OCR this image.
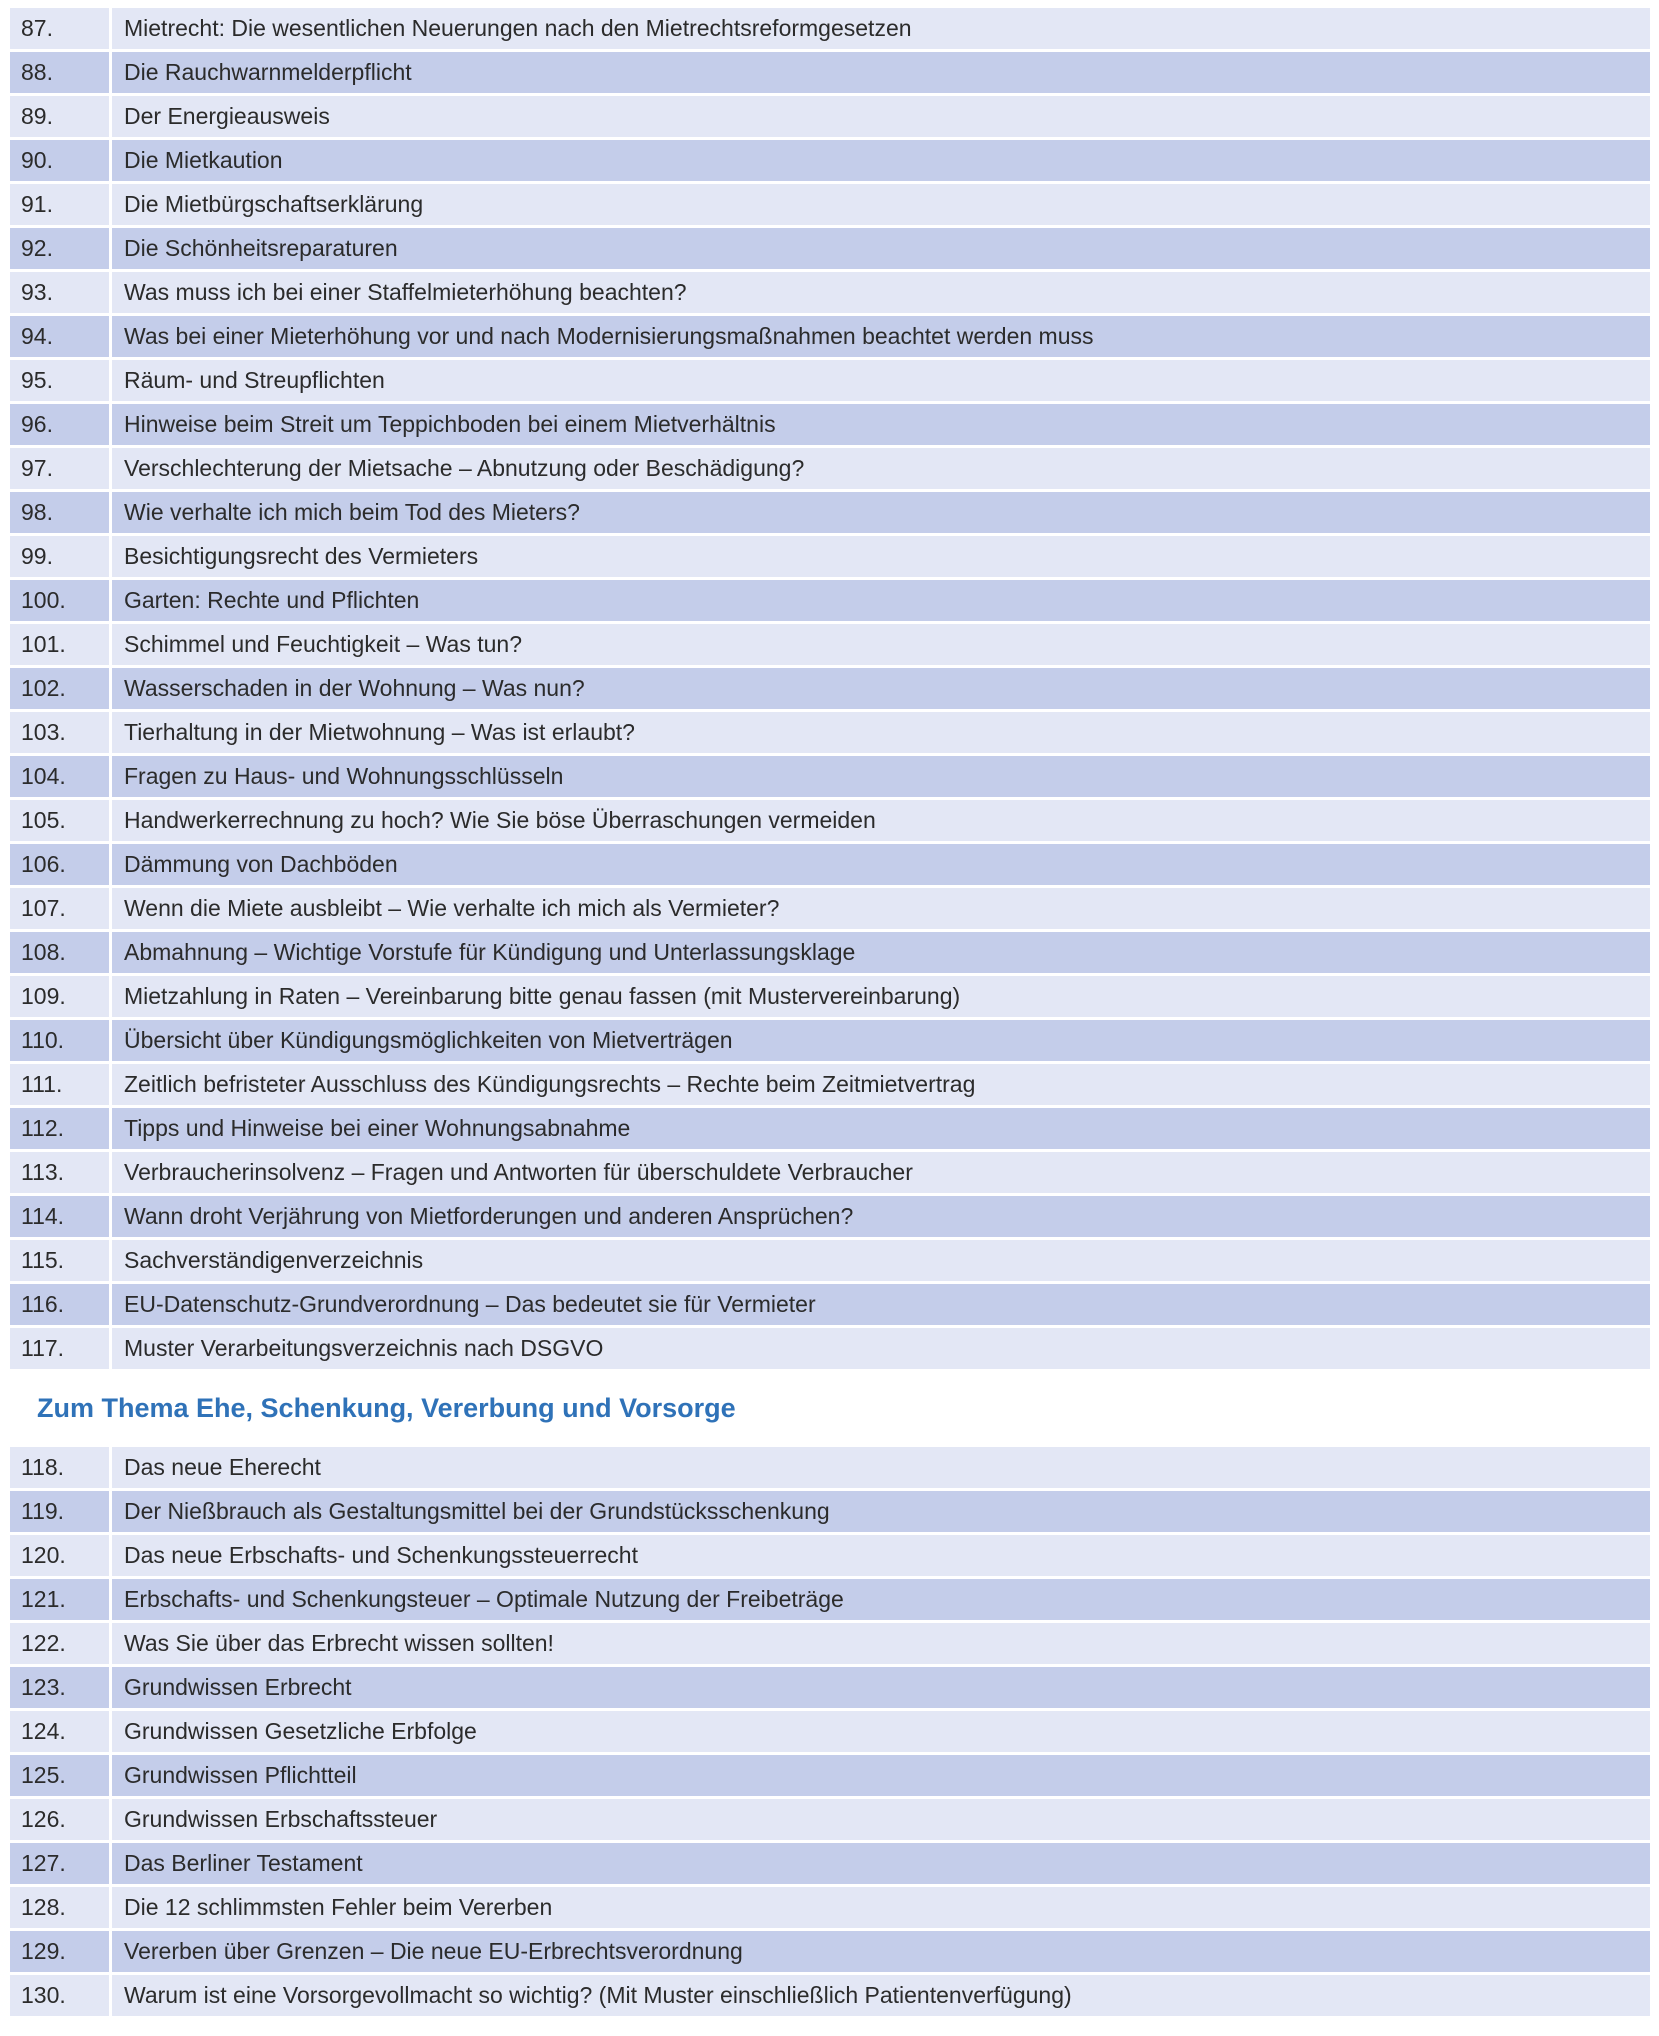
87.	Mietrecht: Die wesentlichen Neuerungen nach den Mietrechtsreformgesetzen
88.	Die Rauchwarnmelderpflicht
89.	Der Energieausweis
90.	Die Mietkaution
91.	Die Mietbürgschaftserklärung
92.	Die Schönheitsreparaturen
93.	Was muss ich bei einer Staffelmieterhöhung beachten?
94.	Was bei einer Mieterhöhung vor und nach Modernisierungsmaßnahmen beachtet werden muss
95.	Räum- und Streupflichten
96.	Hinweise beim Streit um Teppichboden bei einem Mietverhältnis
97.	Verschlechterung der Mietsache – Abnutzung oder Beschädigung?
98.	Wie verhalte ich mich beim Tod des Mieters?
99.	Besichtigungsrecht des Vermieters
100.	Garten: Rechte und Pflichten
101.	Schimmel und Feuchtigkeit – Was tun?
102.	Wasserschaden in der Wohnung – Was nun?
103.	Tierhaltung in der Mietwohnung – Was ist erlaubt?
104.	Fragen zu Haus- und Wohnungsschlüsseln
105.	Handwerkerrechnung zu hoch? Wie Sie böse Überraschungen vermeiden
106.	Dämmung von Dachböden
107.	Wenn die Miete ausbleibt – Wie verhalte ich mich als Vermieter?
108.	Abmahnung – Wichtige Vorstufe für Kündigung und Unterlassungsklage
109.	Mietzahlung in Raten – Vereinbarung bitte genau fassen (mit Mustervereinbarung)
110.	Übersicht über Kündigungsmöglichkeiten von Mietverträgen
111.	Zeitlich befristeter Ausschluss des Kündigungsrechts – Rechte beim Zeitmietvertrag
112.	Tipps und Hinweise bei einer Wohnungsabnahme
113.	Verbraucherinsolvenz – Fragen und Antworten für überschuldete Verbraucher
114.	Wann droht Verjährung von Mietforderungen und anderen Ansprüchen?
115.	Sachverständigenverzeichnis
116.	EU-Datenschutz-Grundverordnung – Das bedeutet sie für Vermieter
117.	Muster Verarbeitungsverzeichnis nach DSGVO
Zum Thema Ehe, Schenkung, Vererbung und Vorsorge
118.	Das neue Eherecht
119.	Der Nießbrauch als Gestaltungsmittel bei der Grundstücksschenkung
120.	Das neue Erbschafts- und Schenkungssteuerrecht
121.	Erbschafts- und Schenkungsteuer – Optimale Nutzung der Freibeträge
122.	Was Sie über das Erbrecht wissen sollten!
123.	Grundwissen Erbrecht
124.	Grundwissen Gesetzliche Erbfolge
125.	Grundwissen Pflichtteil
126.	Grundwissen Erbschaftssteuer
127.	Das Berliner Testament
128.	Die 12 schlimmsten Fehler beim Vererben
129.	Vererben über Grenzen – Die neue EU-Erbrechtsverordnung
130.	Warum ist eine Vorsorgevollmacht so wichtig? (Mit Muster einschließlich Patientenverfügung)
